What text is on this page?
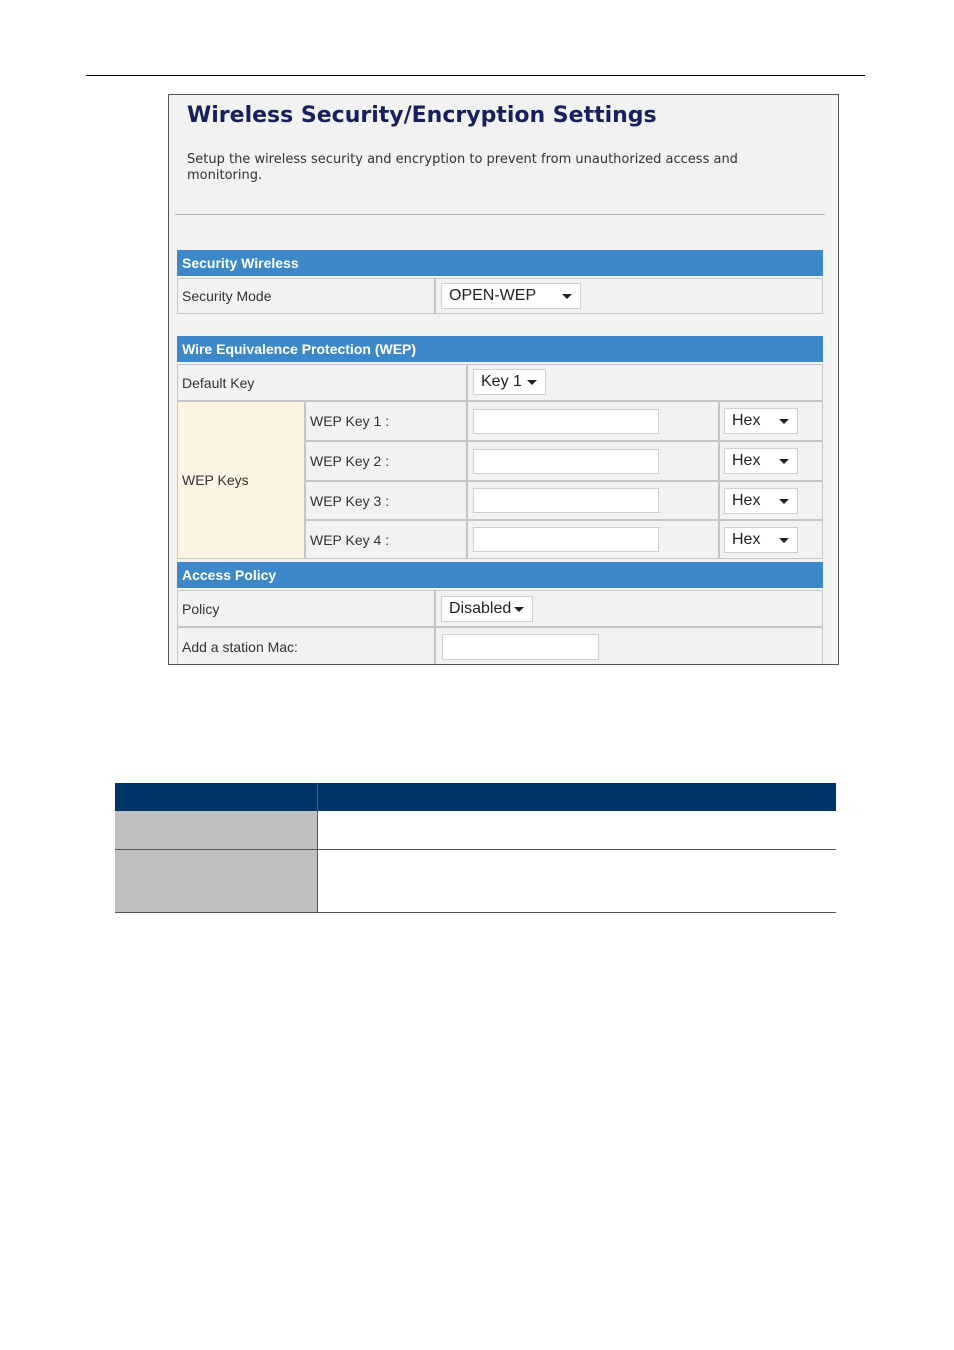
Wireless Security/Encryption Settings

Setup the wireless security and encryption to prevent from unauthorized access and monitoring.

Security Wireless
Security Mode	OPEN-WEP
Wire Equivalence Protection (WEP)
Default Key	Key 1
WEP Keys
WEP Key 1 :	Hex
WEP Key 2 :	Hex
WEP Key 3 :	Hex
WEP Key 4 :	Hex
Access Policy
Policy	Disabled
Add a station Mac:
